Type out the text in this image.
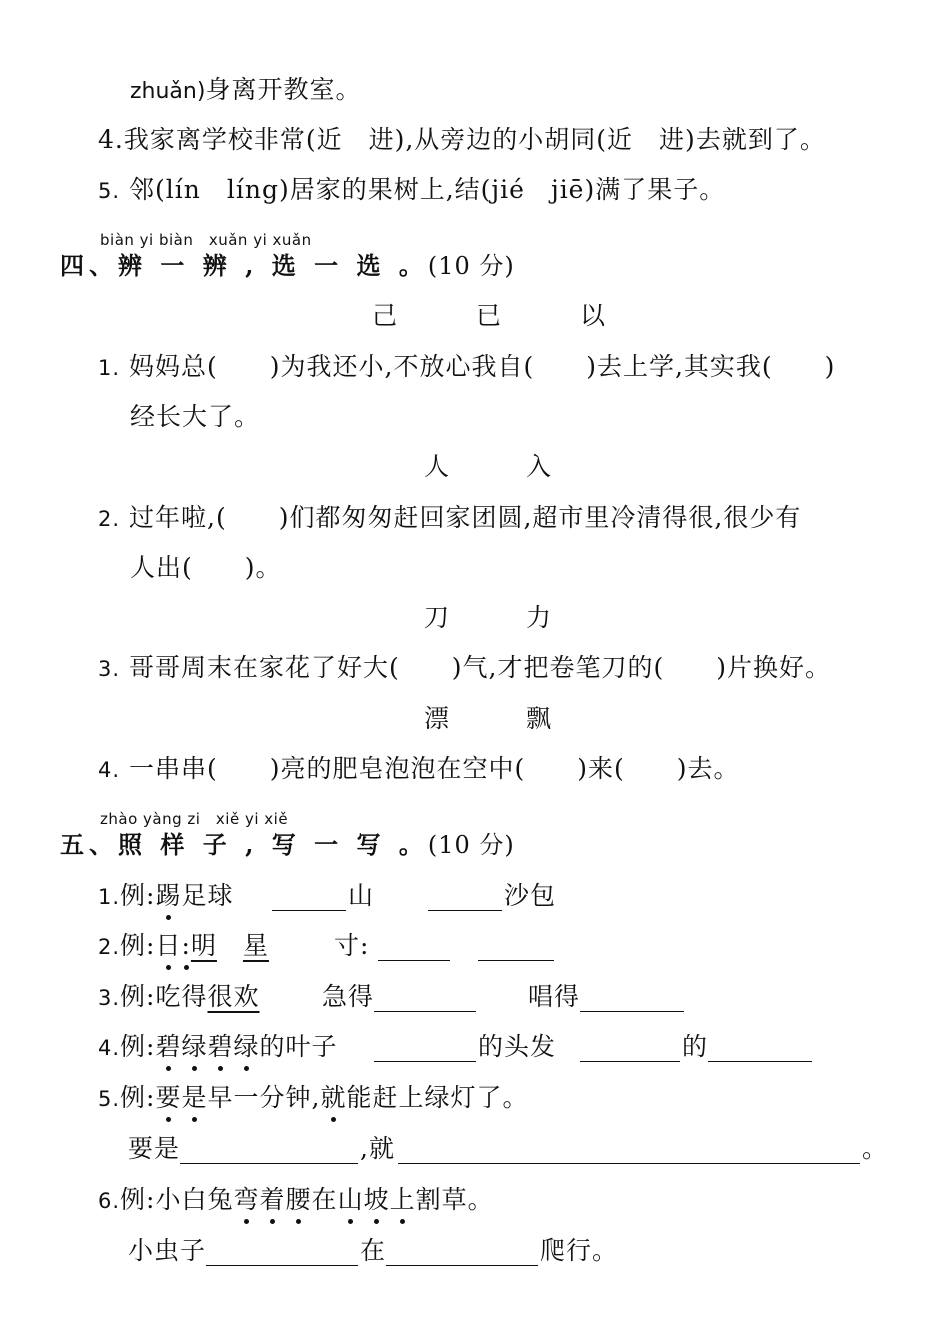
zhuǎn)身离开教室。
4.我家离学校非常(近　进),从旁边的小胡同(近　进)去就到了。
5. 邻(lín　líng)居家的果树上,结(jié　jiē)满了果子。
biàn yi biàn　xuǎn yi xuǎn
四、辨 一 辨 , 选 一 选 。(10 分)
己	已	以
1. 妈妈总(　　)为我还小,不放心我自(　　)去上学,其实我(　　)
经长大了。
人	入
2. 过年啦,(　　)们都匆匆赶回家团圆,超市里冷清得很,很少有
人出(　　)。
刀	力
3. 哥哥周末在家花了好大(　　)气,才把卷笔刀的(　　)片换好。
漂	飘
4. 一串串(　　)亮的肥皂泡泡在空中(　　)来(　　)去。
zhào yàng zi　xiě yi xiě
五、照 样 子 , 写 一 写 。(10 分)
1.例:踢足球	山	沙包
2.例:日:明 星	寸:
3.例:吃得很欢 急得	唱得
4.例:碧绿碧绿的叶子	的头发	的
5.例:要是早一分钟,就能赶上绿灯了。
要是	,就	。
6.例:小白兔弯着腰在山坡上割草。
小虫子	在	爬行。
